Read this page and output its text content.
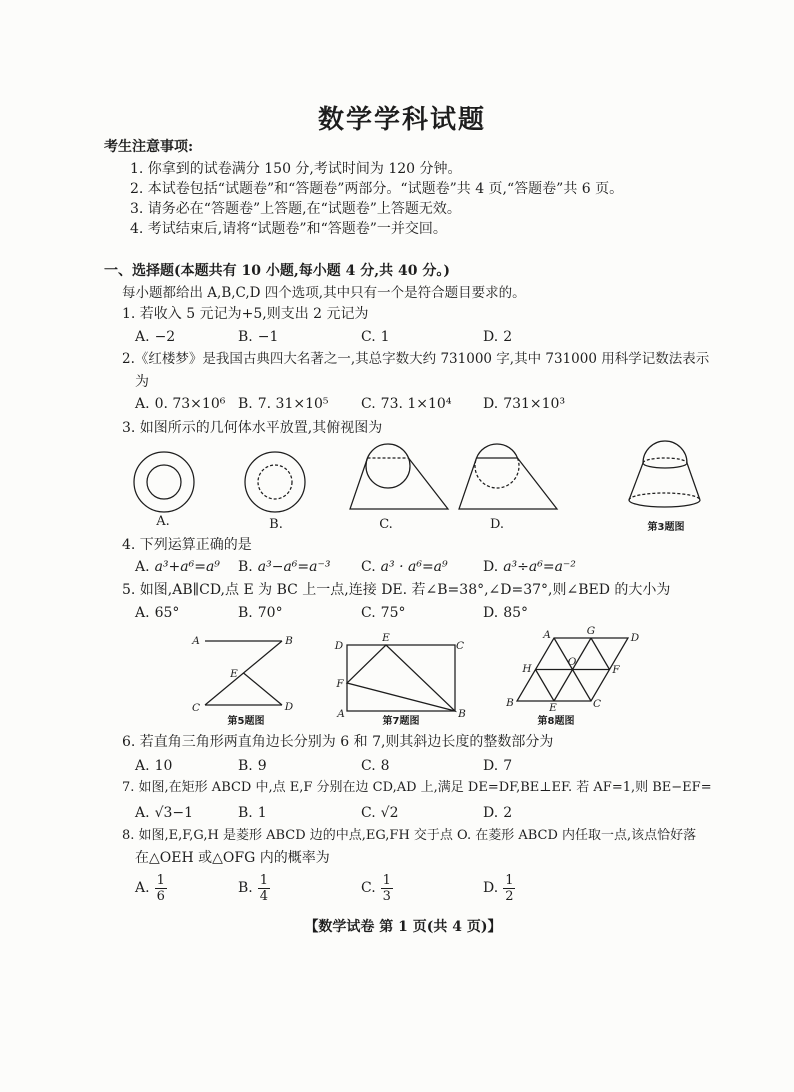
数学学科试题
考生注意事项:
1. 你拿到的试卷满分 150 分,考试时间为 120 分钟。
2. 本试卷包括“试题卷”和“答题卷”两部分。“试题卷”共 4 页,“答题卷”共 6 页。
3. 请务必在“答题卷”上答题,在“试题卷”上答题无效。
4. 考试结束后,请将“试题卷”和“答题卷”一并交回。
一、选择题(本题共有 10 小题,每小题 4 分,共 40 分。)
每小题都给出 A,B,C,D 四个选项,其中只有一个是符合题目要求的。
1. 若收入 5 元记为+5,则支出 2 元记为
A. −2	B. −1	C. 1	D. 2
2.《红楼梦》是我国古典四大名著之一,其总字数大约 731000 字,其中 731000 用科学记数法表示
为
A. 0. 73×10⁶ B. 7. 31×10⁵ C. 73. 1×10⁴ D. 731×10³
3. 如图所示的几何体水平放置,其俯视图为
4. 下列运算正确的是
A. a³+a⁶=a⁹ B. a³−a⁶=a⁻³ C. a³ · a⁶=a⁹	D. a³÷a⁶=a⁻²
5. 如图,AB∥CD,点 E 为 BC 上一点,连接 DE. 若∠B=38°,∠D=37°,则∠BED 的大小为
A. 65°	B. 70°	C. 75°	D. 85°
6. 若直角三角形两直角边长分别为 6 和 7,则其斜边长度的整数部分为
A. 10	B. 9	C. 8	D. 7
7. 如图,在矩形 ABCD 中,点 E,F 分别在边 CD,AD 上,满足 DE=DF,BE⊥EF. 若 AF=1,则 BE−EF=
A. √3−1	B. 1	C. √2	D. 2
8. 如图,E,F,G,H 是菱形 ABCD 边的中点,EG,FH 交于点 O. 在菱形 ABCD 内任取一点,该点恰好落
在△OEH 或△OFG 内的概率为
A. $\frac{1}{6}$	B. $\frac{1}{4}$	C. $\frac{1}{3}$	D. $\frac{1}{2}$
【数学试卷 第 1 页(共 4 页)】
A.	B.	C.	D.	第3题图
A	B
E
C	D
第5题图
D
E
C
F
A	B
第7题图
A	G
D
H
O
F
B	E	C
第8题图
